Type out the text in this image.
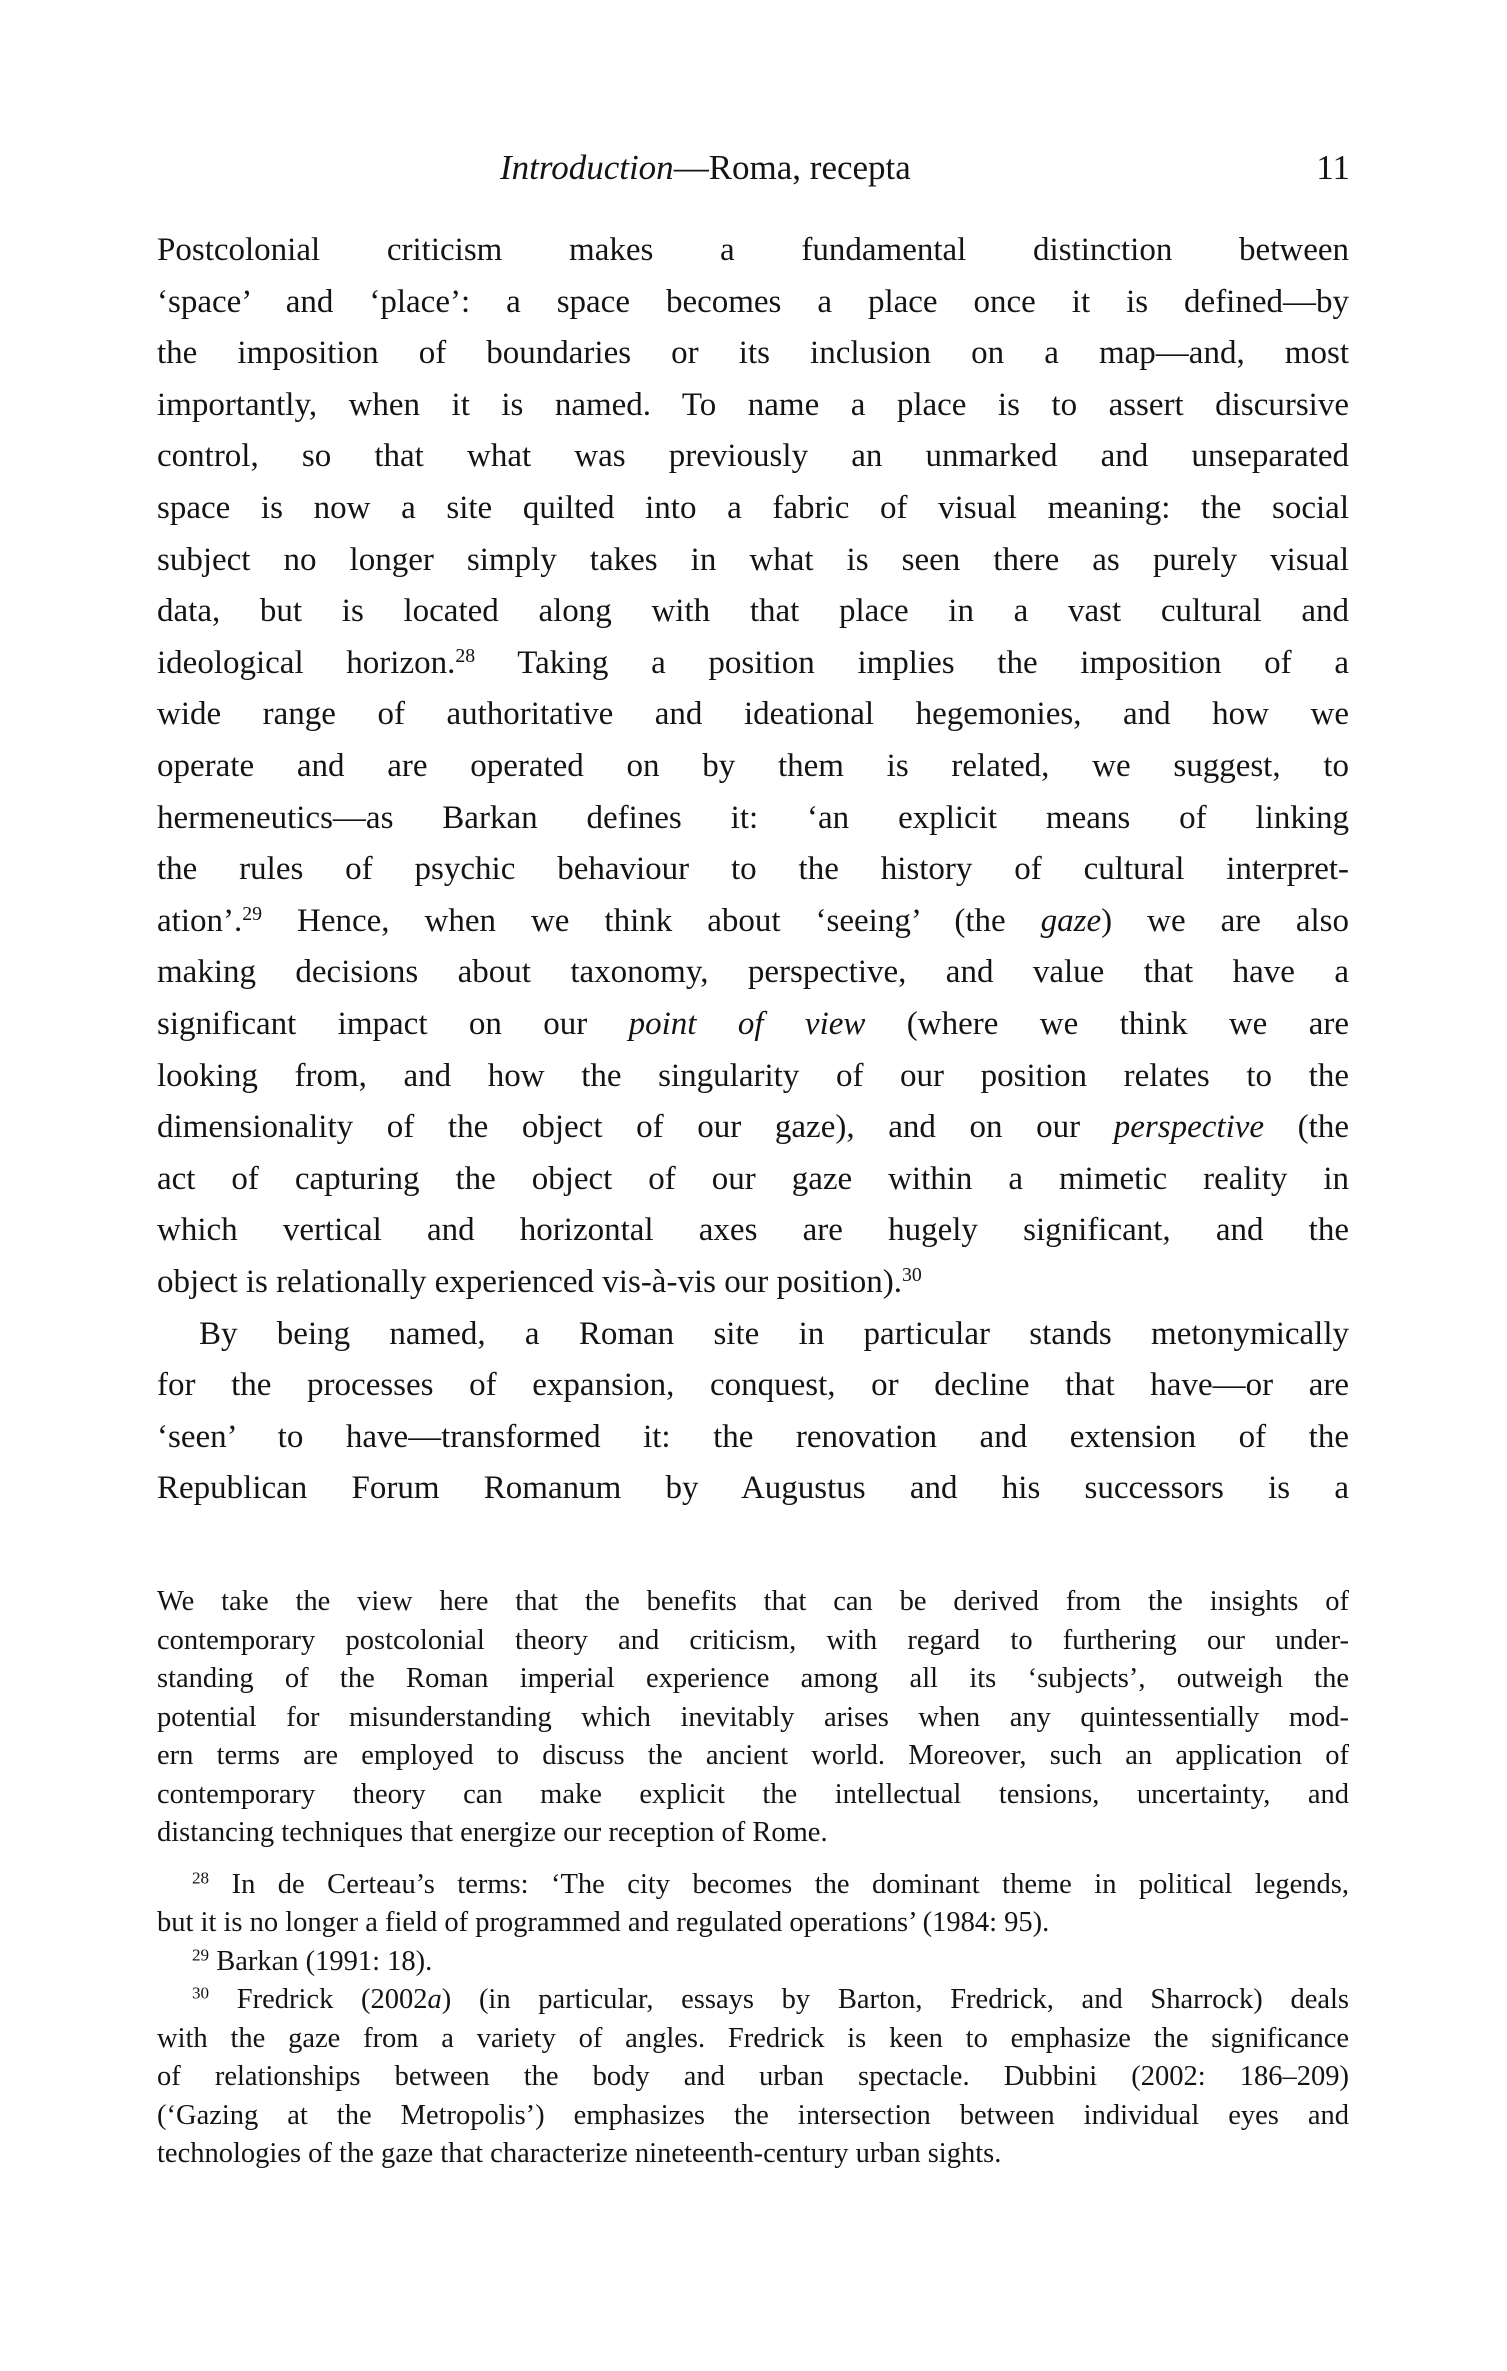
Introduction—Roma, recepta	11
Postcolonial criticism makes a fundamental distinction between
‘space’ and ‘place’: a space becomes a place once it is defined—by
the imposition of boundaries or its inclusion on a map—and, most
importantly, when it is named. To name a place is to assert discursive
control, so that what was previously an unmarked and unseparated
space is now a site quilted into a fabric of visual meaning: the social
subject no longer simply takes in what is seen there as purely visual
data, but is located along with that place in a vast cultural and
ideological horizon.$^{28}$ Taking a position implies the imposition of a
wide range of authoritative and ideational hegemonies, and how we
operate and are operated on by them is related, we suggest, to
hermeneutics—as Barkan defines it: ‘an explicit means of linking
the rules of psychic behaviour to the history of cultural interpret-
ation’.$^{29}$ Hence, when we think about ‘seeing’ (the gaze) we are also
making decisions about taxonomy, perspective, and value that have a
significant impact on our point of view (where we think we are
looking from, and how the singularity of our position relates to the
dimensionality of the object of our gaze), and on our perspective (the
act of capturing the object of our gaze within a mimetic reality in
which vertical and horizontal axes are hugely significant, and the
object is relationally experienced vis-à-vis our position).$^{30}$
By being named, a Roman site in particular stands metonymically
for the processes of expansion, conquest, or decline that have—or are
‘seen’ to have—transformed it: the renovation and extension of the
Republican Forum Romanum by Augustus and his successors is a
We take the view here that the benefits that can be derived from the insights of
contemporary postcolonial theory and criticism, with regard to furthering our under-
standing of the Roman imperial experience among all its ‘subjects’, outweigh the
potential for misunderstanding which inevitably arises when any quintessentially mod-
ern terms are employed to discuss the ancient world. Moreover, such an application of
contemporary theory can make explicit the intellectual tensions, uncertainty, and
distancing techniques that energize our reception of Rome.
$^{28}$ In de Certeau’s terms: ‘The city becomes the dominant theme in political legends,
but it is no longer a field of programmed and regulated operations’ (1984: 95).
$^{29}$ Barkan (1991: 18).
$^{30}$ Fredrick (2002a) (in particular, essays by Barton, Fredrick, and Sharrock) deals
with the gaze from a variety of angles. Fredrick is keen to emphasize the significance
of relationships between the body and urban spectacle. Dubbini (2002: 186–209)
(‘Gazing at the Metropolis’) emphasizes the intersection between individual eyes and
technologies of the gaze that characterize nineteenth-century urban sights.
